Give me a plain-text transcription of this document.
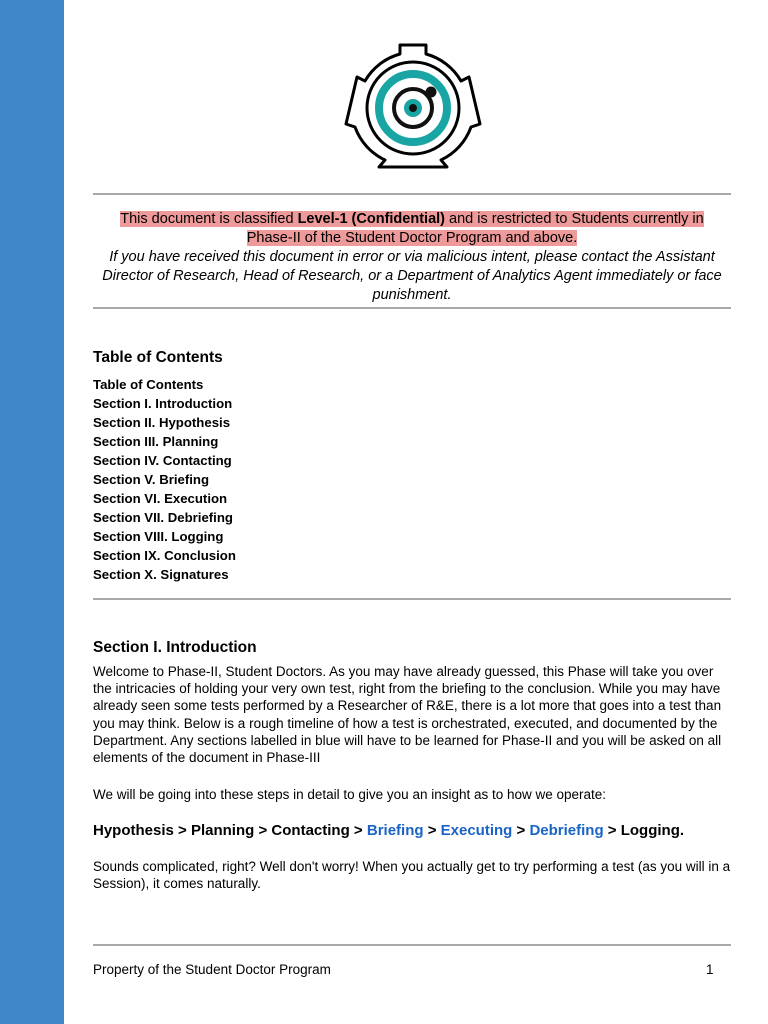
This document is classified Level-1 (Confidential) and is restricted to Students currently in
Phase-II of the Student Doctor Program and above.
If you have received this document in error or via malicious intent, please contact the Assistant Director of Research, Head of Research, or a Department of Analytics Agent immediately or face punishment.
Table of Contents
Table of Contents
Section I. Introduction
Section II. Hypothesis
Section III. Planning
Section IV. Contacting
Section V. Briefing
Section VI. Execution
Section VII. Debriefing
Section VIII. Logging
Section IX. Conclusion
Section X. Signatures
Section I. Introduction

Welcome to Phase-II, Student Doctors. As you may have already guessed, this Phase will take you over the intricacies of holding your very own test, right from the briefing to the conclusion. While you may have already seen some tests performed by a Researcher of R&E, there is a lot more that goes into a test than you may think. Below is a rough timeline of how a test is orchestrated, executed, and documented by the Department. Any sections labelled in blue will have to be learned for Phase-II and you will be asked on all elements of the document in Phase-III

We will be going into these steps in detail to give you an insight as to how we operate:

Hypothesis > Planning > Contacting > Briefing > Executing > Debriefing > Logging.

Sounds complicated, right? Well don't worry! When you actually get to try performing a test (as you will in a Session), it comes naturally.

Property of the Student Doctor Program	1
